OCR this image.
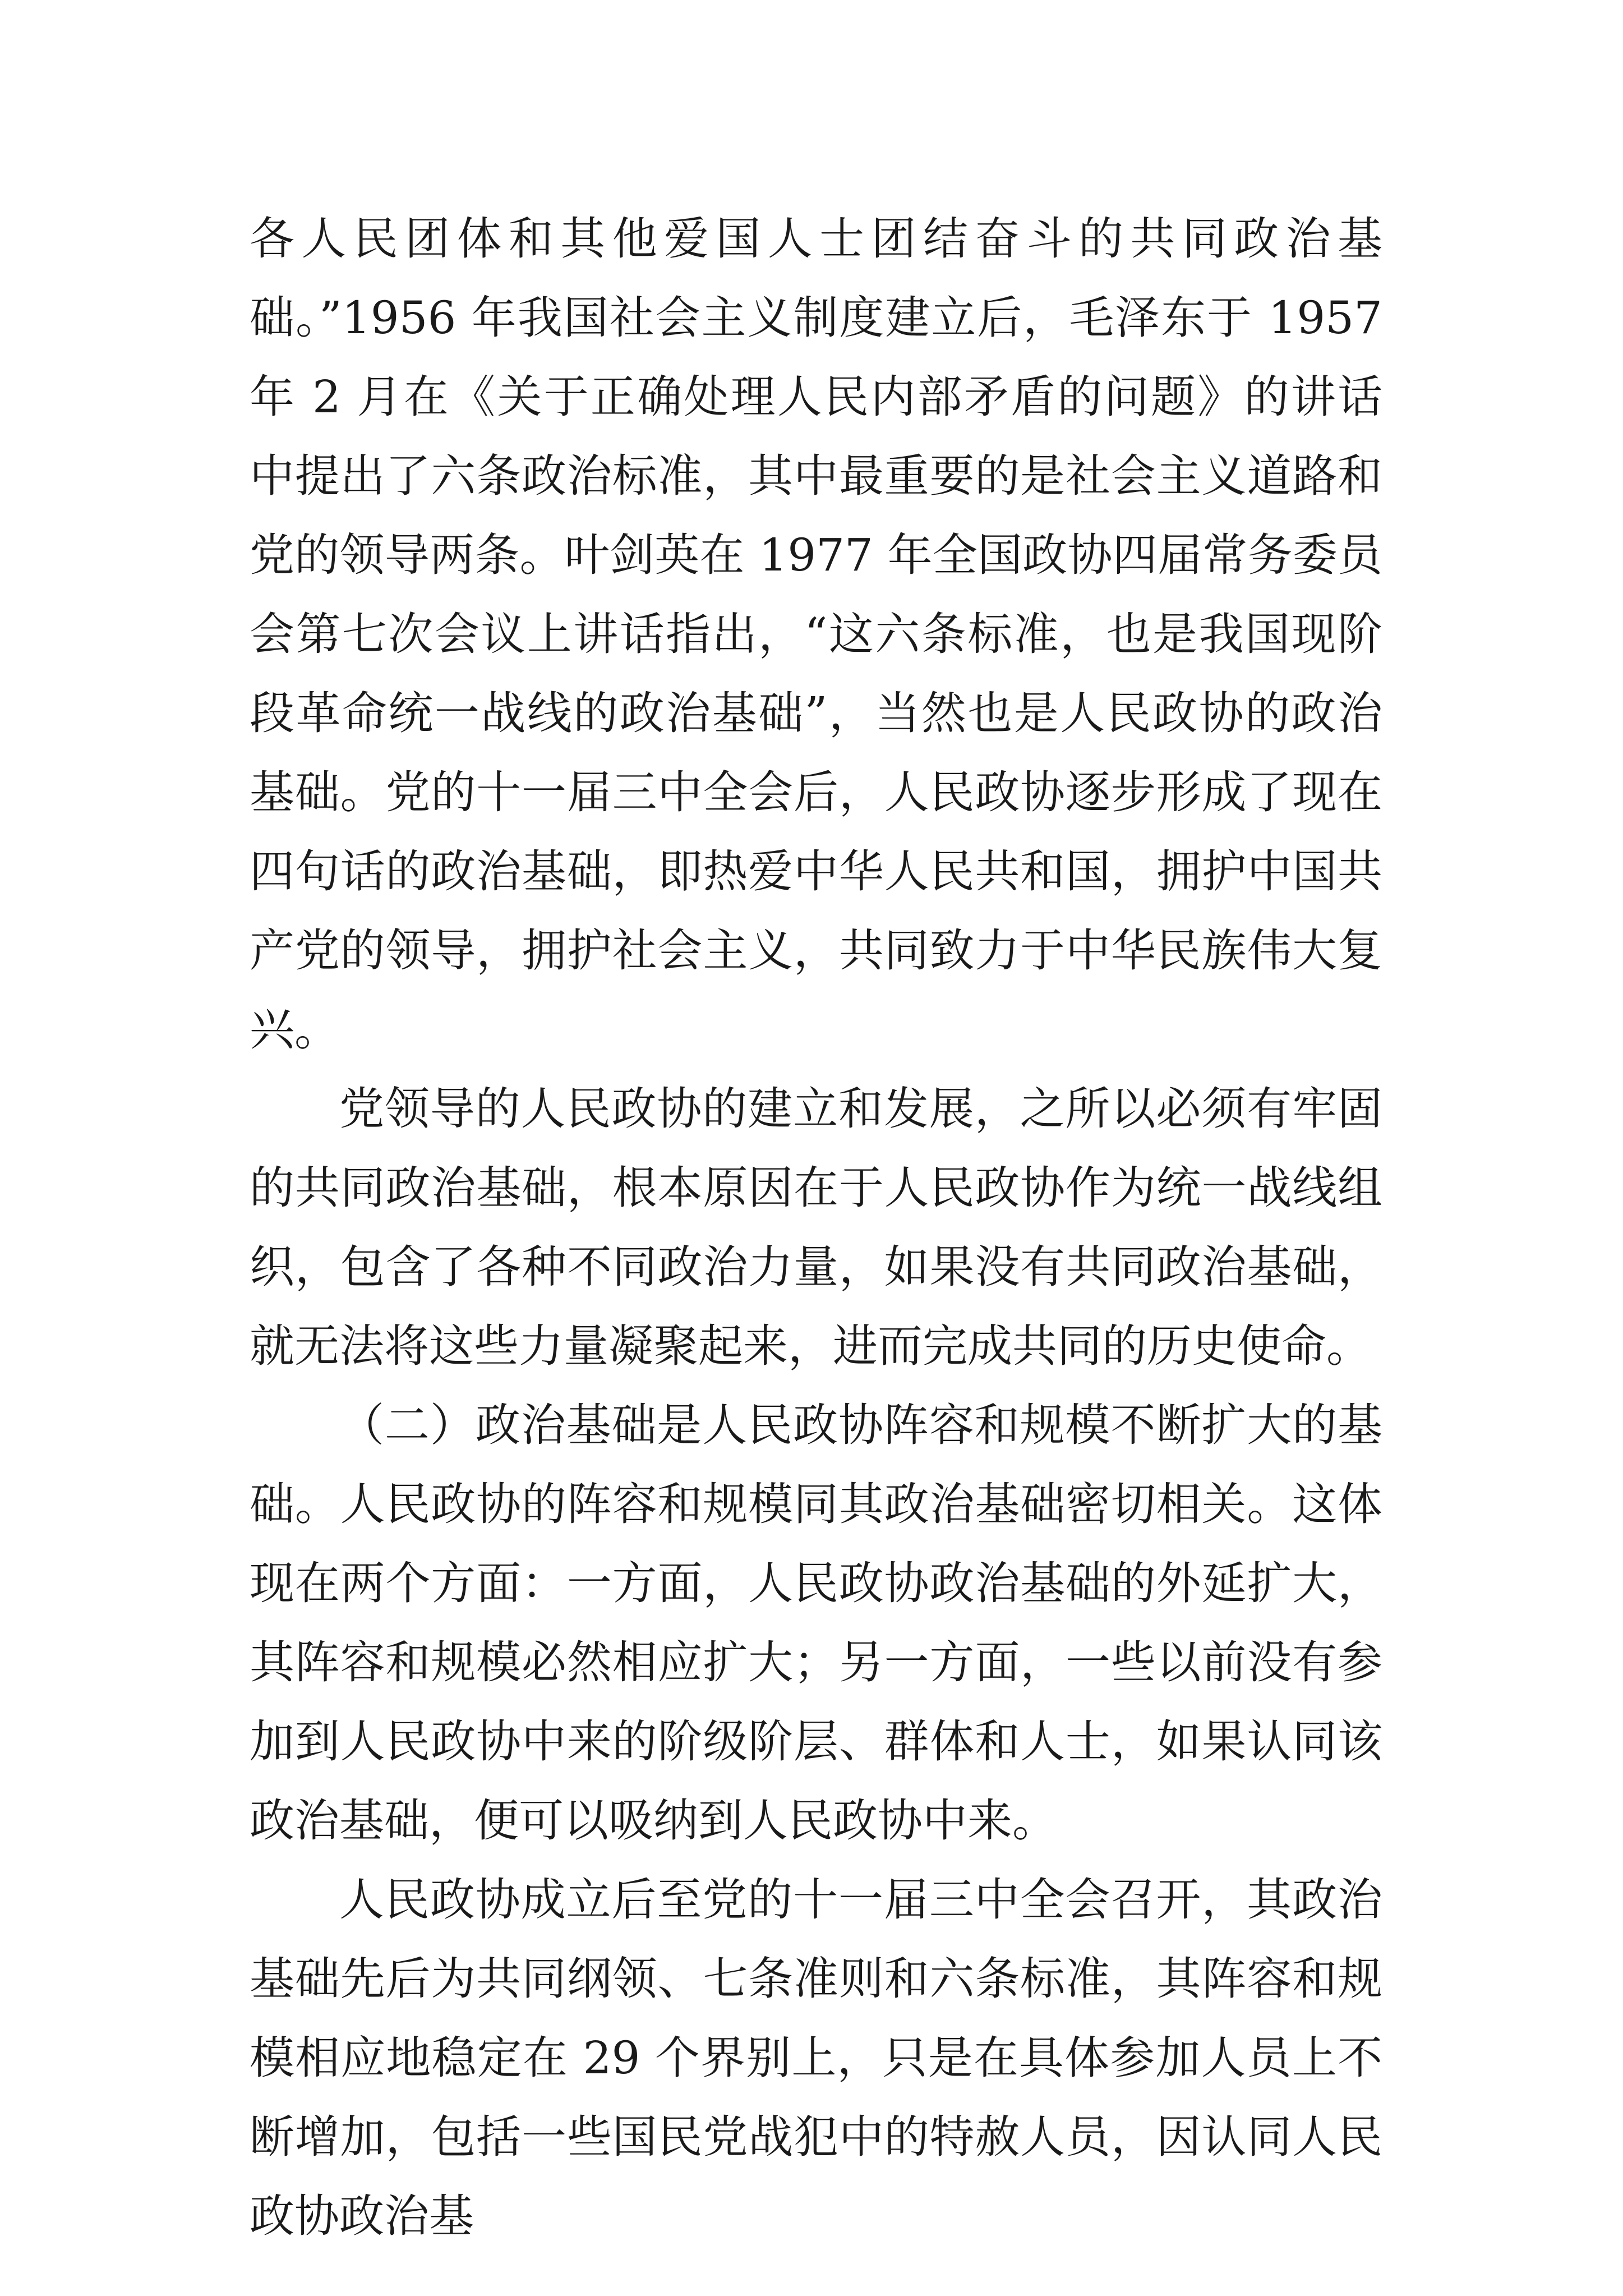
各人民团体和其他爱国人士团结奋斗的共同政治基础。”1956 年我国社会主义制度建立后，毛泽东于 1957 年 2 月在《关于正确处理人民内部矛盾的问题》的讲话中提出了六条政治标准，其中最重要的是社会主义道路和党的领导两条。叶剑英在 1977 年全国政协四届常务委员会第七次会议上讲话指出，“这六条标准，也是我国现阶段革命统一战线的政治基础”，当然也是人民政协的政治基础。党的十一届三中全会后，人民政协逐步形成了现在四句话的政治基础，即热爱中华人民共和国，拥护中国共产党的领导，拥护社会主义，共同致力于中华民族伟大复兴。

党领导的人民政协的建立和发展，之所以必须有牢固的共同政治基础，根本原因在于人民政协作为统一战线组织，包含了各种不同政治力量，如果没有共同政治基础，就无法将这些力量凝聚起来，进而完成共同的历史使命。

（二）政治基础是人民政协阵容和规模不断扩大的基础。人民政协的阵容和规模同其政治基础密切相关。这体现在两个方面：一方面，人民政协政治基础的外延扩大，其阵容和规模必然相应扩大；另一方面，一些以前没有参加到人民政协中来的阶级阶层、群体和人士，如果认同该政治基础，便可以吸纳到人民政协中来。

人民政协成立后至党的十一届三中全会召开，其政治基础先后为共同纲领、七条准则和六条标准，其阵容和规模相应地稳定在 29 个界别上，只是在具体参加人员上不断增加，包括一些国民党战犯中的特赦人员，因认同人民政协政治基
